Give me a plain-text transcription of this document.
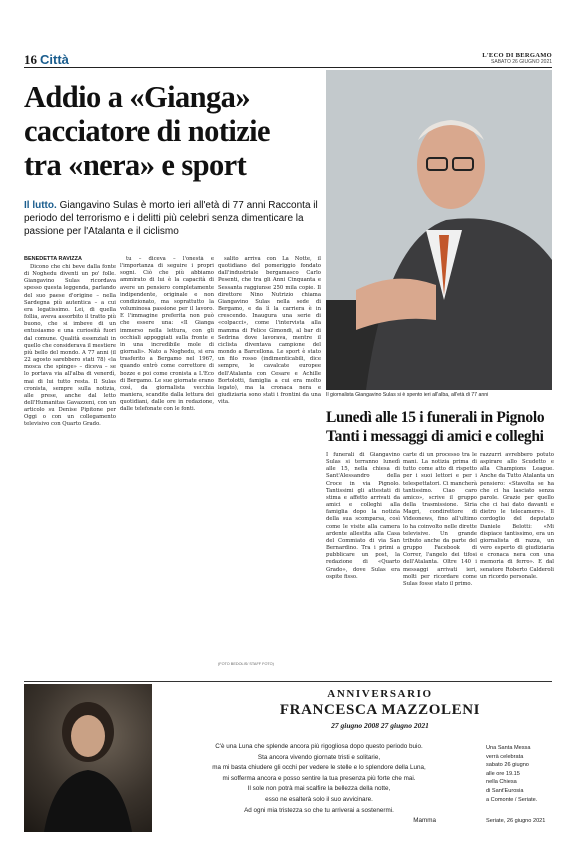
16 Città	L'ECO DI BERGAMO
SABATO 26 GIUGNO 2021
Addio a «Gianga»
cacciatore di notizie
tra «nera» e sport
Il lutto. Giangavino Sulas è morto ieri all'età di 77 anni Racconta il periodo del terrorismo e i delitti più celebri senza dimenticare la passione per l'Atalanta e il ciclismo
Il giornalista Giangavino Sulas si è spento ieri all'alba, all'età di 77 anni
BENEDETTA RAVIZZA

Dicono che chi beve dalla fonte di Noghedu diventi un po' folle. Giangavino Sulas ricordava spesso questa leggenda, parlando del suo paese d'origine – nella Sardegna più autentica – a cui era legatissimo. Lei, di quella follia, aveva assorbito il tratto più buono, che si imbeve di un entusiasmo e una curiosità fuori dal comune. Qualità essenziali in quello che considerava il mestiere più bello del mondo. A 77 anni (il 22 agosto sarebbero stati 78) «la mosca che spinge» – diceva – se lo portava via all'alba di venerdì, mai di lui tutto resta. Il Sulas cronista, sempre sulla notizia, alle prese, anche dal letto dell'Humanitas Gavazzeni, con un articolo su Denise Pipitone per Oggi o con un collegamento televisivo con Quarto Grado.

tu – diceva – l'onestà e l'importanza di seguire i propri sogni. Ciò che più abbiamo ammirato di lui è la capacità di avere un pensiero completamente indipendente, originale e non condizionato, ma soprattutto la voluminosa passione per il lavoro. E l'immagine preferita non può che essere una: «Il Gianga immerso nella lettura, con gli occhiali appoggiati sulla fronte e in una incredibile mole di giornali». Nato a Noghedu, si era trasferito a Bergamo nel 1967, quando entrò come correttore di bozze e poi come cronista a L'Eco di Bergamo. Le sue giornate erano così, da giornalista vecchia maniera, scandite dalla lettura dei quotidiani, dalle ore in redazione, dalle telefonate con le fonti.

salito arriva con La Notte, il quotidiano del pomeriggio fondato dall'industriale bergamasco Carlo Pesenti, che tra gli Anni Cinquanta e Sessanta raggiunse 250 mila copie. Il direttore Nino Nutrizio chiama Giangavino Sulas nella sede di Bergamo, e da lì la carriera è in crescendo. Inaugura una serie di «colpacci», come l'intervista alla mamma di Felice Gimondi, al bar di Sedrina dove lavorava, mentre il ciclista diventava campione del mondo a Barcellona. Le sport è stato un filo rosso (indimenticabili, dice sempre, le cavalcate europee dell'Atalanta con Cesare e Achille Bortolotti, famiglia a cui era molto legato), ma la cronaca nera e giudiziaria sono stati i frontini da una vita.

(FOTO BEDOLIS/ STAFF FOTO)
Lunedì alle 15 i funerali in Pignolo
Tanti i messaggi di amici e colleghi

I funerali di Giangavino Sulas si terranno lunedì alle 15, nella chiesa di Sant'Alessandro della Croce in via Pignolo. Tantissimi gli attestati di stima e affetto arrivati da amici e colleghi alla famiglia dopo la notizia della sua scomparsa, così come le visite alla camera ardente allestita alla Casa del Commiato di via San Bernardino. Tra i primi a pubblicare un post, la redazione di «Quarto Grado», dove Sulas era ospite fisso.

carte di un processo tra le mani. La notizia prima di tutto come atto di rispetto per i suoi lettori e per i telespettatori. Ci mancherà tantissimo. Ciao caro amico», scrive il gruppo della trasmissione. Siria Magri, condirettore di Videonews, fino all'ultimo lo ha coinvolto nelle dirette televisive. Un grande tributo anche da parte del gruppo Facebook di Correr, l'angelo dei tifosi dell'Atalanta. Oltre 140 i messaggi arrivati ieri, molti per ricordare come Sulas fosse stato il primo.

razzurri avrebbero potuto aspirare allo Scudetto e alla Champions League. Anche da Tutto Atalanta un pensiero: «Stavolta se ha che ci ha lasciato senza parole. Grazie per quello che ci hai dato davanti e dietro le telecamere». Il cordoglio del deputato Daniele Belotti: «Mi dispiace tantissimo, era un giornalista di razza, un vero esperto di giudiziaria e cronaca nera con una memoria di ferro». E dal senatore Roberto Calderoli un ricordo personale.

ANNIVERSARIO
FRANCESCA MAZZOLENI
27 giugno 2008 27 giugno 2021
C'è una Luna che splende ancora più rigogliosa dopo questo periodo buio.
Sta ancora vivendo giornate tristi e solitarie,
ma mi basta chiudere gli occhi per vedere le stelle e lo splendore della Luna,
mi sofferma ancora e posso sentire la tua presenza più forte che mai.
Il sole non potrà mai scalfire la bellezza della notte,
esso ne esalterà solo il suo avvicinare.
Ad ogni mia tristezza so che tu arriverai a sostenermi.
Mamma
Una Santa Messa
verrà celebrata
sabato 26 giugno
alle ore 19.15
nella Chiesa
di Sant'Eurosia
a Comonte / Seriate.
Seriate, 26 giugno 2021
